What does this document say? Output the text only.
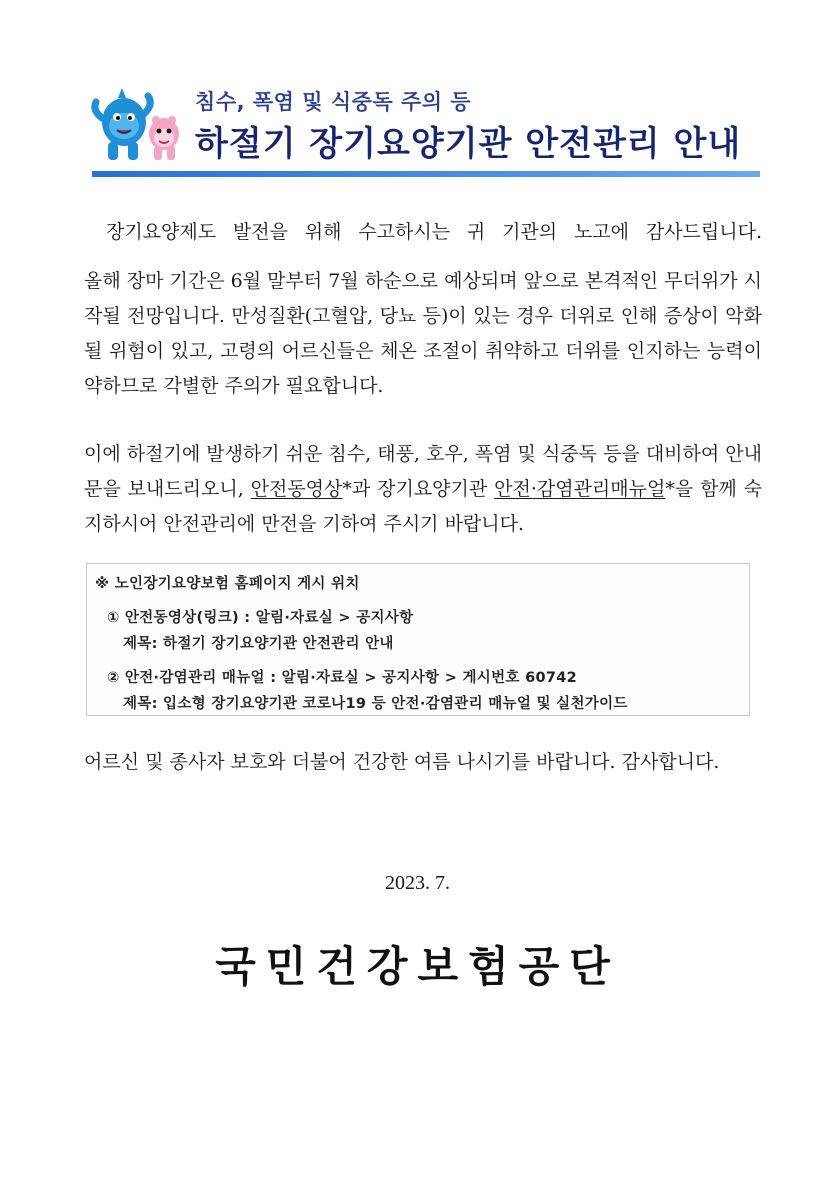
침수, 폭염 및 식중독 주의 등

하절기 장기요양기관 안전관리 안내

장기요양제도 발전을 위해 수고하시는 귀 기관의 노고에 감사드립니다.

올해 장마 기간은 6월 말부터 7월 하순으로 예상되며 앞으로 본격적인 무더위가 시작될 전망입니다. 만성질환(고혈압, 당뇨 등)이 있는 경우 더위로 인해 증상이 악화될 위험이 있고, 고령의 어르신들은 체온 조절이 취약하고 더위를 인지하는 능력이 약하므로 각별한 주의가 필요합니다.

이에 하절기에 발생하기 쉬운 침수, 태풍, 호우, 폭염 및 식중독 등을 대비하여 안내문을 보내드리오니, 안전동영상*과 장기요양기관 안전·감염관리매뉴얼*을 함께 숙지하시어 안전관리에 만전을 기하여 주시기 바랍니다.

※ 노인장기요양보험 홈페이지 게시 위치

① 안전동영상(링크) : 알림·자료실 > 공지사항

제목: 하절기 장기요양기관 안전관리 안내

② 안전·감염관리 매뉴얼 : 알림·자료실 > 공지사항 > 게시번호 60742

제목: 입소형 장기요양기관 코로나19 등 안전·감염관리 매뉴얼 및 실천가이드

어르신 및 종사자 보호와 더불어 건강한 여름 나시기를 바랍니다. 감사합니다.

2023. 7.

국민건강보험공단
